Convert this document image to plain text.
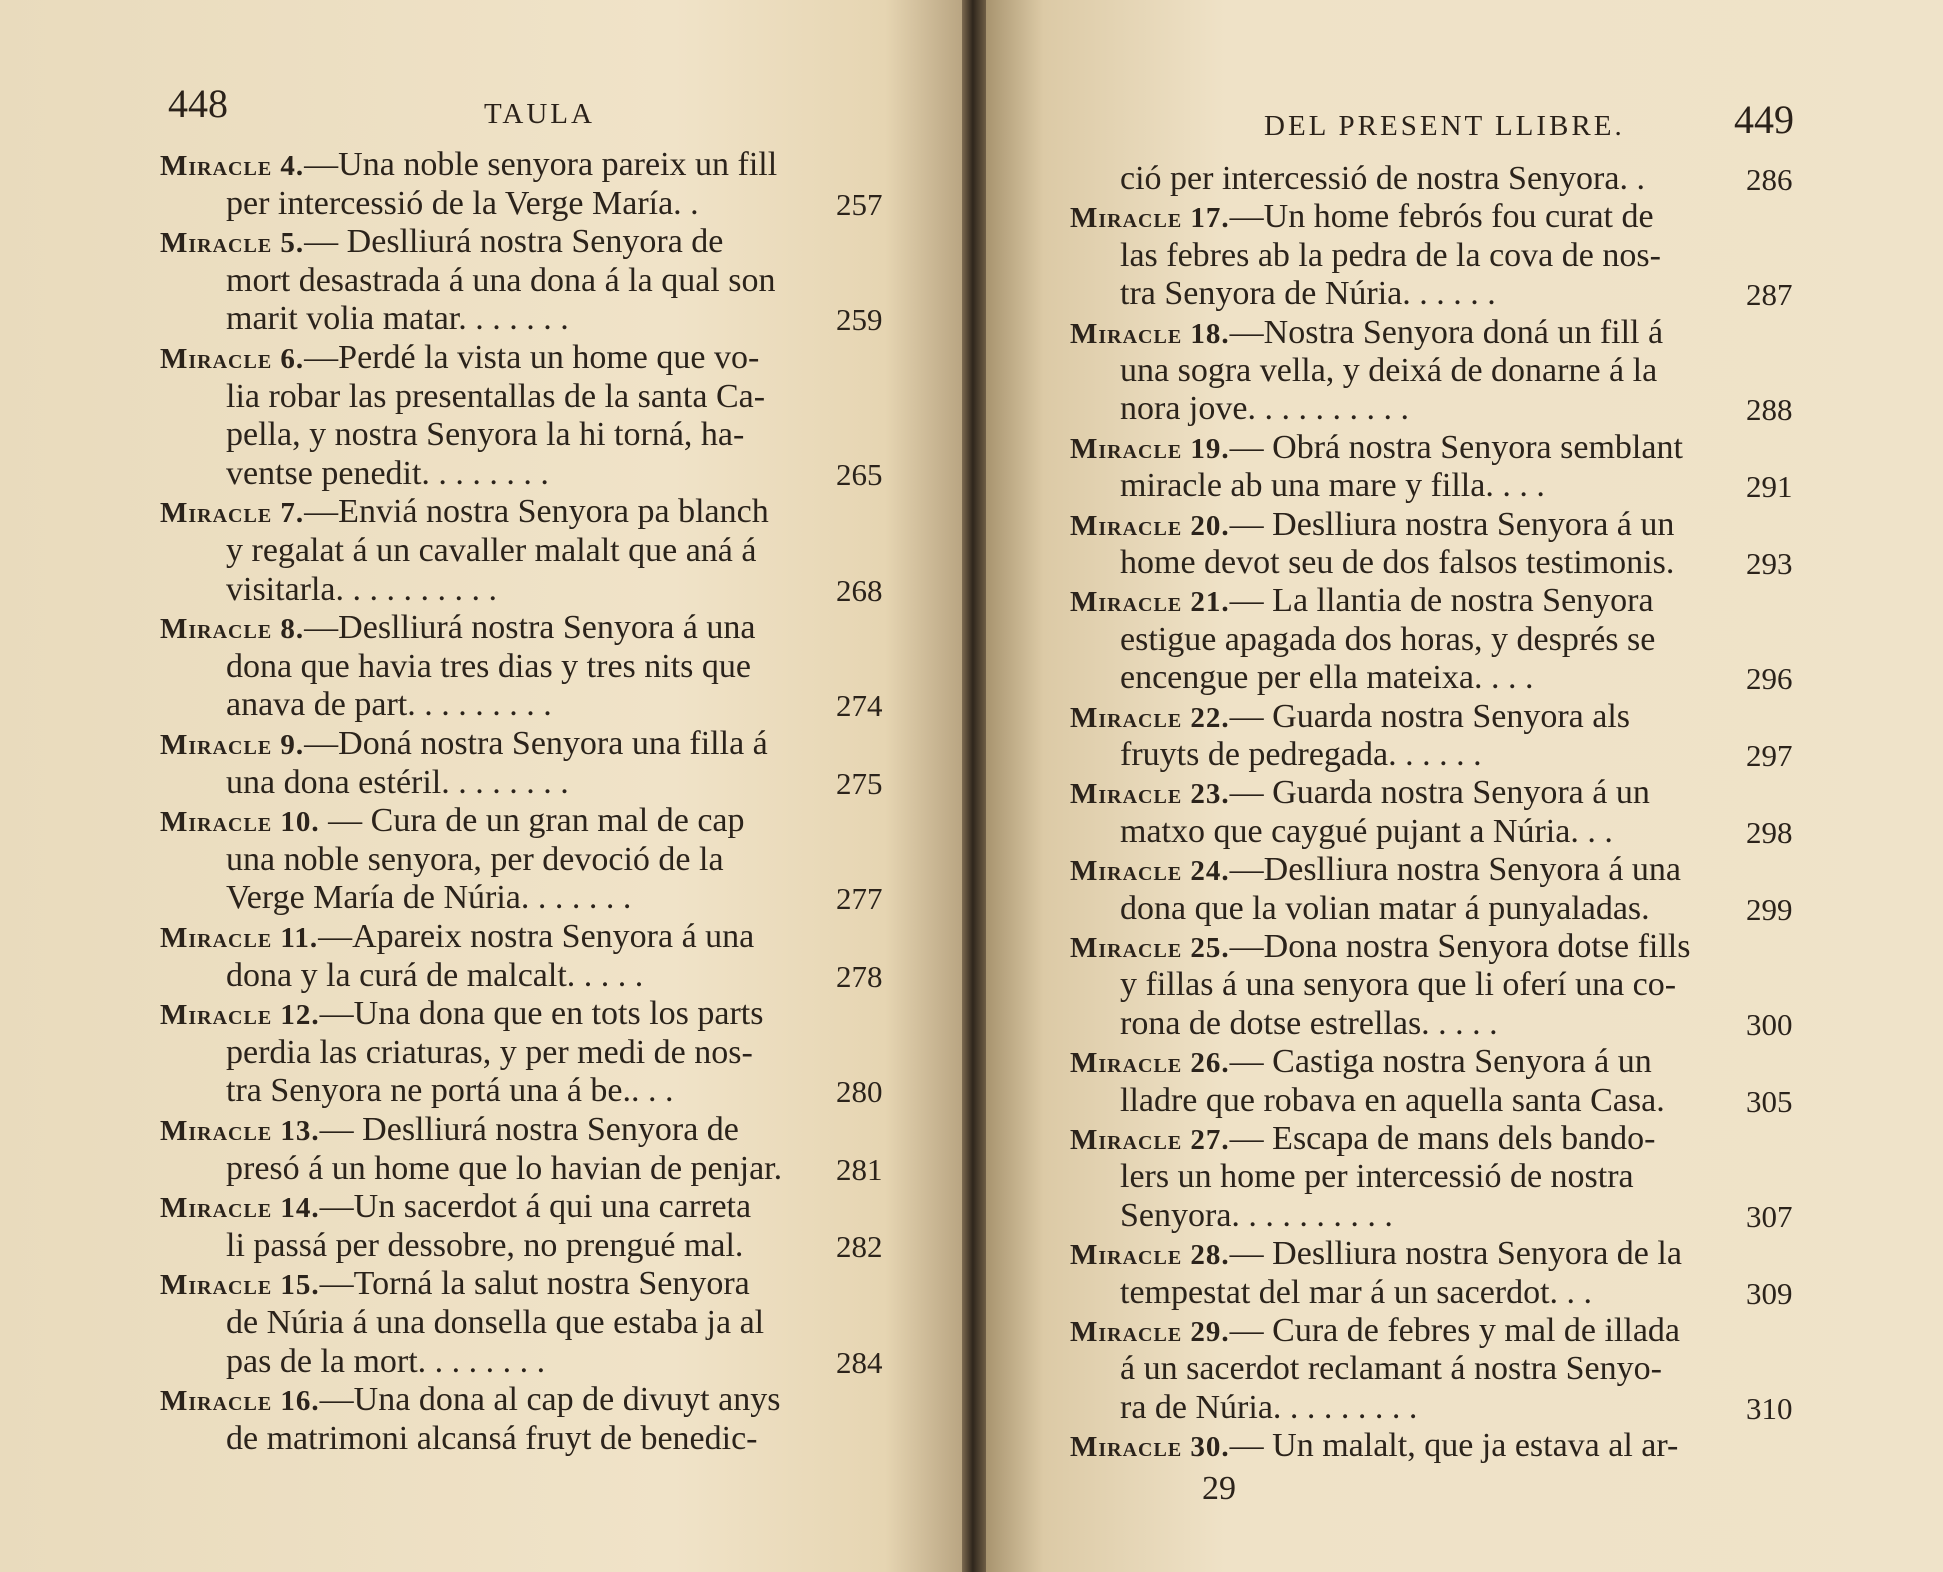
448	TAULA
Miracle 4.—Una noble senyora pareix un fill
per intercessió de la Verge María. .	257
Miracle 5.— Deslliurá nostra Senyora de
mort desastrada á una dona á la qual son
marit volia matar. . . . . . .	259
Miracle 6.—Perdé la vista un home que vo-
lia robar las presentallas de la santa Ca-
pella, y nostra Senyora la hi torná, ha-
ventse penedit. . . . . . . .	265
Miracle 7.—Enviá nostra Senyora pa blanch
y regalat á un cavaller malalt que aná á
visitarla. . . . . . . . . .	268
Miracle 8.—Deslliurá nostra Senyora á una
dona que havia tres dias y tres nits que
anava de part. . . . . . . . .	274
Miracle 9.—Doná nostra Senyora una filla á
una dona estéril. . . . . . . .	275
Miracle 10. — Cura de un gran mal de cap
una noble senyora, per devoció de la
Verge María de Núria. . . . . . .	277
Miracle 11.—Apareix nostra Senyora á una
dona y la curá de malcalt. . . . .	278
Miracle 12.—Una dona que en tots los parts
perdia las criaturas, y per medi de nos-
tra Senyora ne portá una á be.. . .	280
Miracle 13.— Deslliurá nostra Senyora de
presó á un home que lo havian de penjar. 281
Miracle 14.—Un sacerdot á qui una carreta
li passá per dessobre, no prengué mal.	282
Miracle 15.—Torná la salut nostra Senyora
de Núria á una donsella que estaba ja al
pas de la mort. . . . . . . .	284
Miracle 16.—Una dona al cap de divuyt anys
de matrimoni alcansá fruyt de benedic-
DEL PRESENT LLIBRE.	449
ció per intercessió de nostra Senyora. .	286
Miracle 17.—Un home febrós fou curat de
las febres ab la pedra de la cova de nos-
tra Senyora de Núria. . . . . .	287
Miracle 18.—Nostra Senyora doná un fill á
una sogra vella, y deixá de donarne á la
nora jove. . . . . . . . . .	288
Miracle 19.— Obrá nostra Senyora semblant
miracle ab una mare y filla. . . .	291
Miracle 20.— Deslliura nostra Senyora á un
home devot seu de dos falsos testimonis. 293
Miracle 21.— La llantia de nostra Senyora
estigue apagada dos horas, y després se
encengue per ella mateixa. . . .	296
Miracle 22.— Guarda nostra Senyora als
fruyts de pedregada. . . . . .	297
Miracle 23.— Guarda nostra Senyora á un
matxo que caygué pujant a Núria. . .	298
Miracle 24.—Deslliura nostra Senyora á una
dona que la volian matar á punyaladas.	299
Miracle 25.—Dona nostra Senyora dotse fills
y fillas á una senyora que li oferí una co-
rona de dotse estrellas. . . . .	300
Miracle 26.— Castiga nostra Senyora á un
lladre que robava en aquella santa Casa.	305
Miracle 27.— Escapa de mans dels bando-
lers un home per intercessió de nostra
Senyora. . . . . . . . . .	307
Miracle 28.— Deslliura nostra Senyora de la
tempestat del mar á un sacerdot. . .	309
Miracle 29.— Cura de febres y mal de illada
á un sacerdot reclamant á nostra Senyo-
ra de Núria. . . . . . . . .	310
Miracle 30.— Un malalt, que ja estava al ar-
29
